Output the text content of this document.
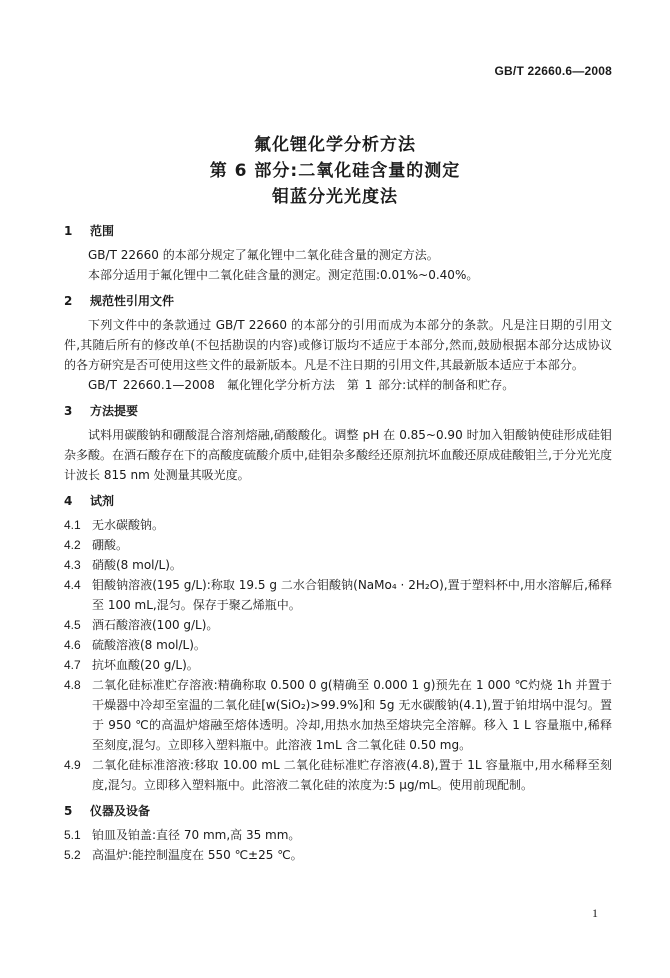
GB/T 22660.6—2008
氟化锂化学分析方法
第 6 部分:二氧化硅含量的测定
钼蓝分光光度法
1	范围

GB/T 22660 的本部分规定了氟化锂中二氧化硅含量的测定方法。

本部分适用于氟化锂中二氧化硅含量的测定。测定范围:0.01%~0.40%。

2	规范性引用文件

下列文件中的条款通过 GB/T 22660 的本部分的引用而成为本部分的条款。凡是注日期的引用文件,其随后所有的修改单(不包括勘误的内容)或修订版均不适应于本部分,然而,鼓励根据本部分达成协议的各方研究是否可使用这些文件的最新版本。凡是不注日期的引用文件,其最新版本适应于本部分。

GB/T 22660.1—2008　氟化锂化学分析方法　第 1 部分:试样的制备和贮存。

3	方法提要

试料用碳酸钠和硼酸混合溶剂熔融,硝酸酸化。调整 pH 在 0.85~0.90 时加入钼酸钠使硅形成硅钼杂多酸。在酒石酸存在下的高酸度硫酸介质中,硅钼杂多酸经还原剂抗坏血酸还原成硅酸钼兰,于分光光度计波长 815 nm 处测量其吸光度。

4	试剂
4.1 无水碳酸钠。
4.2 硼酸。
4.3 硝酸(8 mol/L)。
4.4 钼酸钠溶液(195 g/L):称取 19.5 g 二水合钼酸钠(NaMo₄ · 2H₂O),置于塑料杯中,用水溶解后,稀释至 100 mL,混匀。保存于聚乙烯瓶中。
4.5 酒石酸溶液(100 g/L)。
4.6 硫酸溶液(8 mol/L)。
4.7 抗坏血酸(20 g/L)。
4.8 二氧化硅标准贮存溶液:精确称取 0.500 0 g(精确至 0.000 1 g)预先在 1 000 ℃灼烧 1h 并置于干燥器中冷却至室温的二氧化硅[w(SiO₂)>99.9%]和 5g 无水碳酸钠(4.1),置于铂坩埚中混匀。置于 950 ℃的高温炉熔融至熔体透明。冷却,用热水加热至熔块完全溶解。移入 1 L 容量瓶中,稀释至刻度,混匀。立即移入塑料瓶中。此溶液 1mL 含二氧化硅 0.50 mg。
4.9 二氧化硅标准溶液:移取 10.00 mL 二氧化硅标准贮存溶液(4.8),置于 1L 容量瓶中,用水稀释至刻度,混匀。立即移入塑料瓶中。此溶液二氧化硅的浓度为:5 μg/mL。使用前现配制。
5	仪器及设备
5.1 铂皿及铂盖:直径 70 mm,高 35 mm。
5.2 高温炉:能控制温度在 550 ℃±25 ℃。
1
